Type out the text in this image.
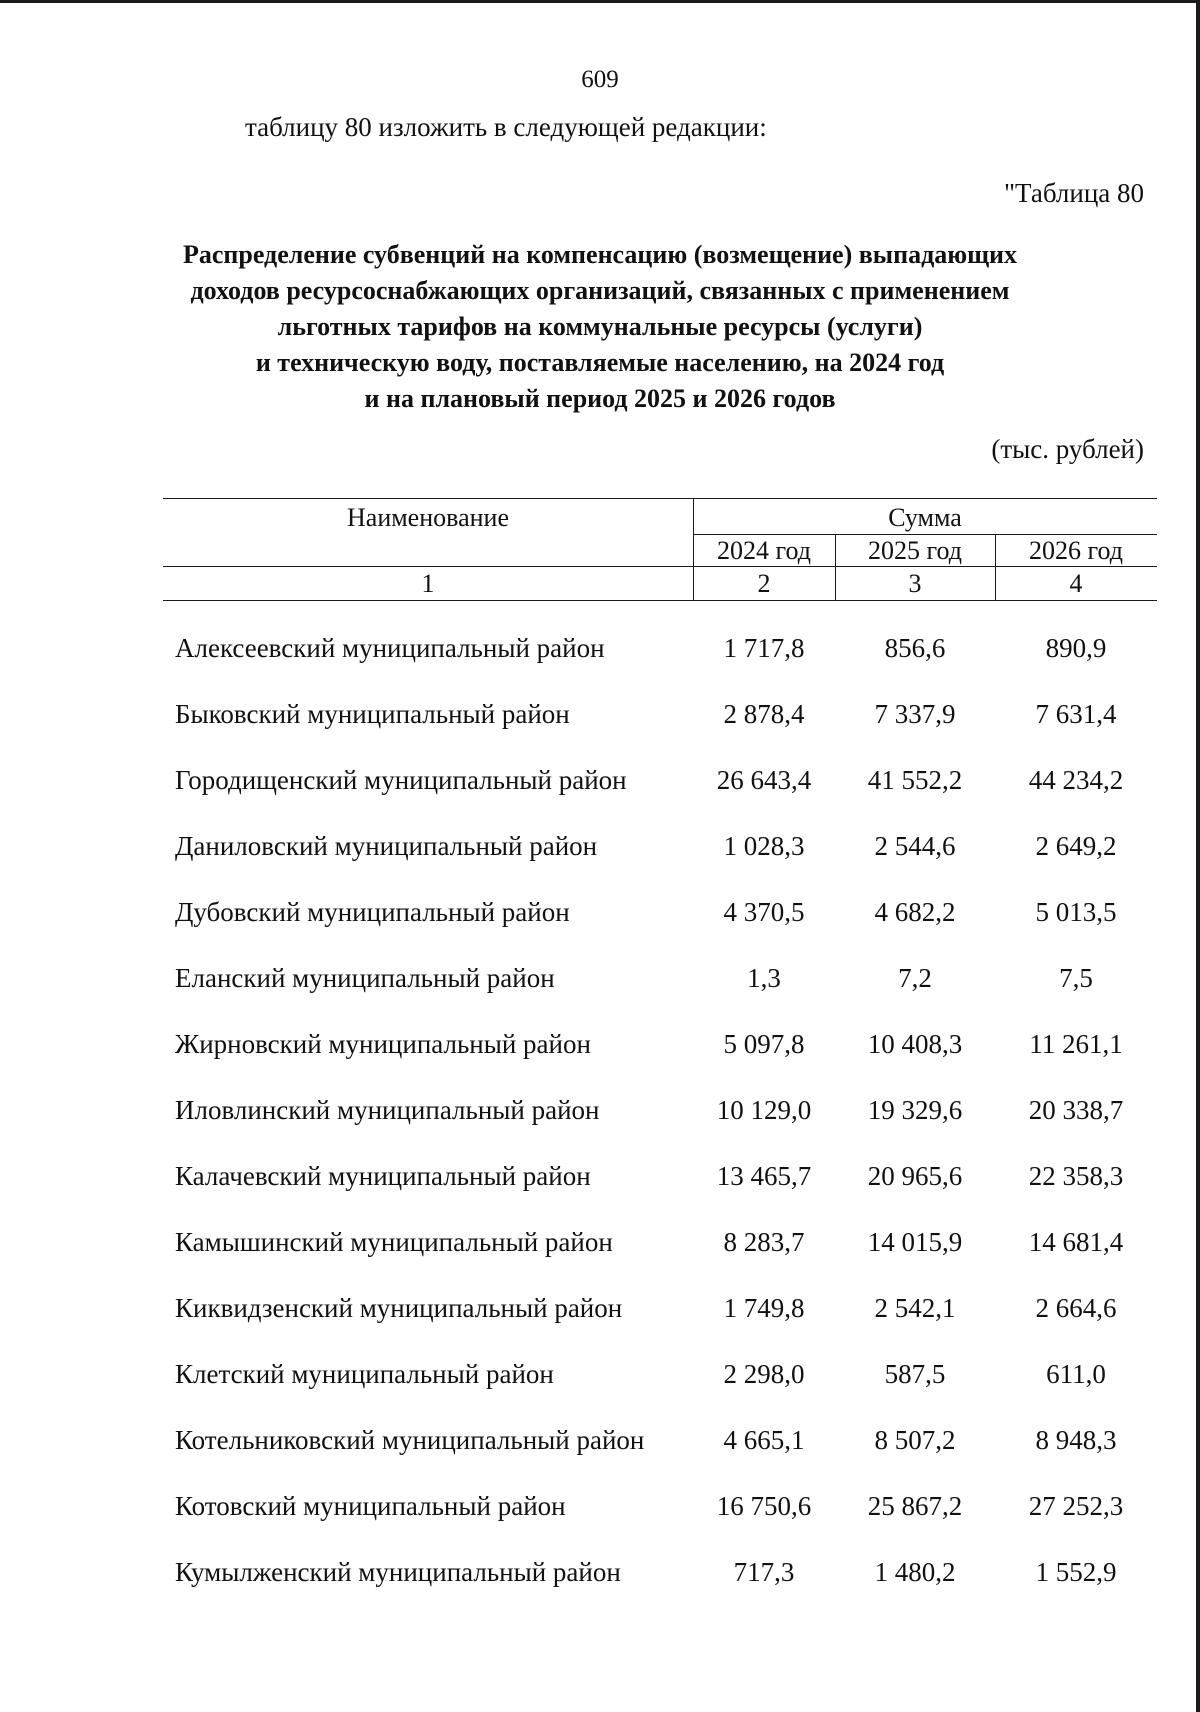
609
таблицу 80 изложить в следующей редакции:
"Таблица 80
Распределение субвенций на компенсацию (возмещение) выпадающих
доходов ресурсоснабжающих организаций, связанных с применением
льготных тарифов на коммунальные ресурсы (услуги)
и техническую воду, поставляемые населению, на 2024 год
и на плановый период 2025 и 2026 годов
(тыс. рублей)
Наименование	Сумма
2024 год	2025 год	2026 год
1	2	3	4
Алексеевский муниципальный район	1 717,8	856,6	890,9
Быковский муниципальный район	2 878,4	7 337,9	7 631,4
Городищенский муниципальный район	26 643,4	41 552,2	44 234,2
Даниловский муниципальный район	1 028,3	2 544,6	2 649,2
Дубовский муниципальный район	4 370,5	4 682,2	5 013,5
Еланский муниципальный район	1,3	7,2	7,5
Жирновский муниципальный район	5 097,8	10 408,3	11 261,1
Иловлинский муниципальный район	10 129,0	19 329,6	20 338,7
Калачевский муниципальный район	13 465,7	20 965,6	22 358,3
Камышинский муниципальный район	8 283,7	14 015,9	14 681,4
Киквидзенский муниципальный район	1 749,8	2 542,1	2 664,6
Клетский муниципальный район	2 298,0	587,5	611,0
Котельниковский муниципальный район	4 665,1	8 507,2	8 948,3
Котовский муниципальный район	16 750,6	25 867,2	27 252,3
Кумылженский муниципальный район	717,3	1 480,2	1 552,9
